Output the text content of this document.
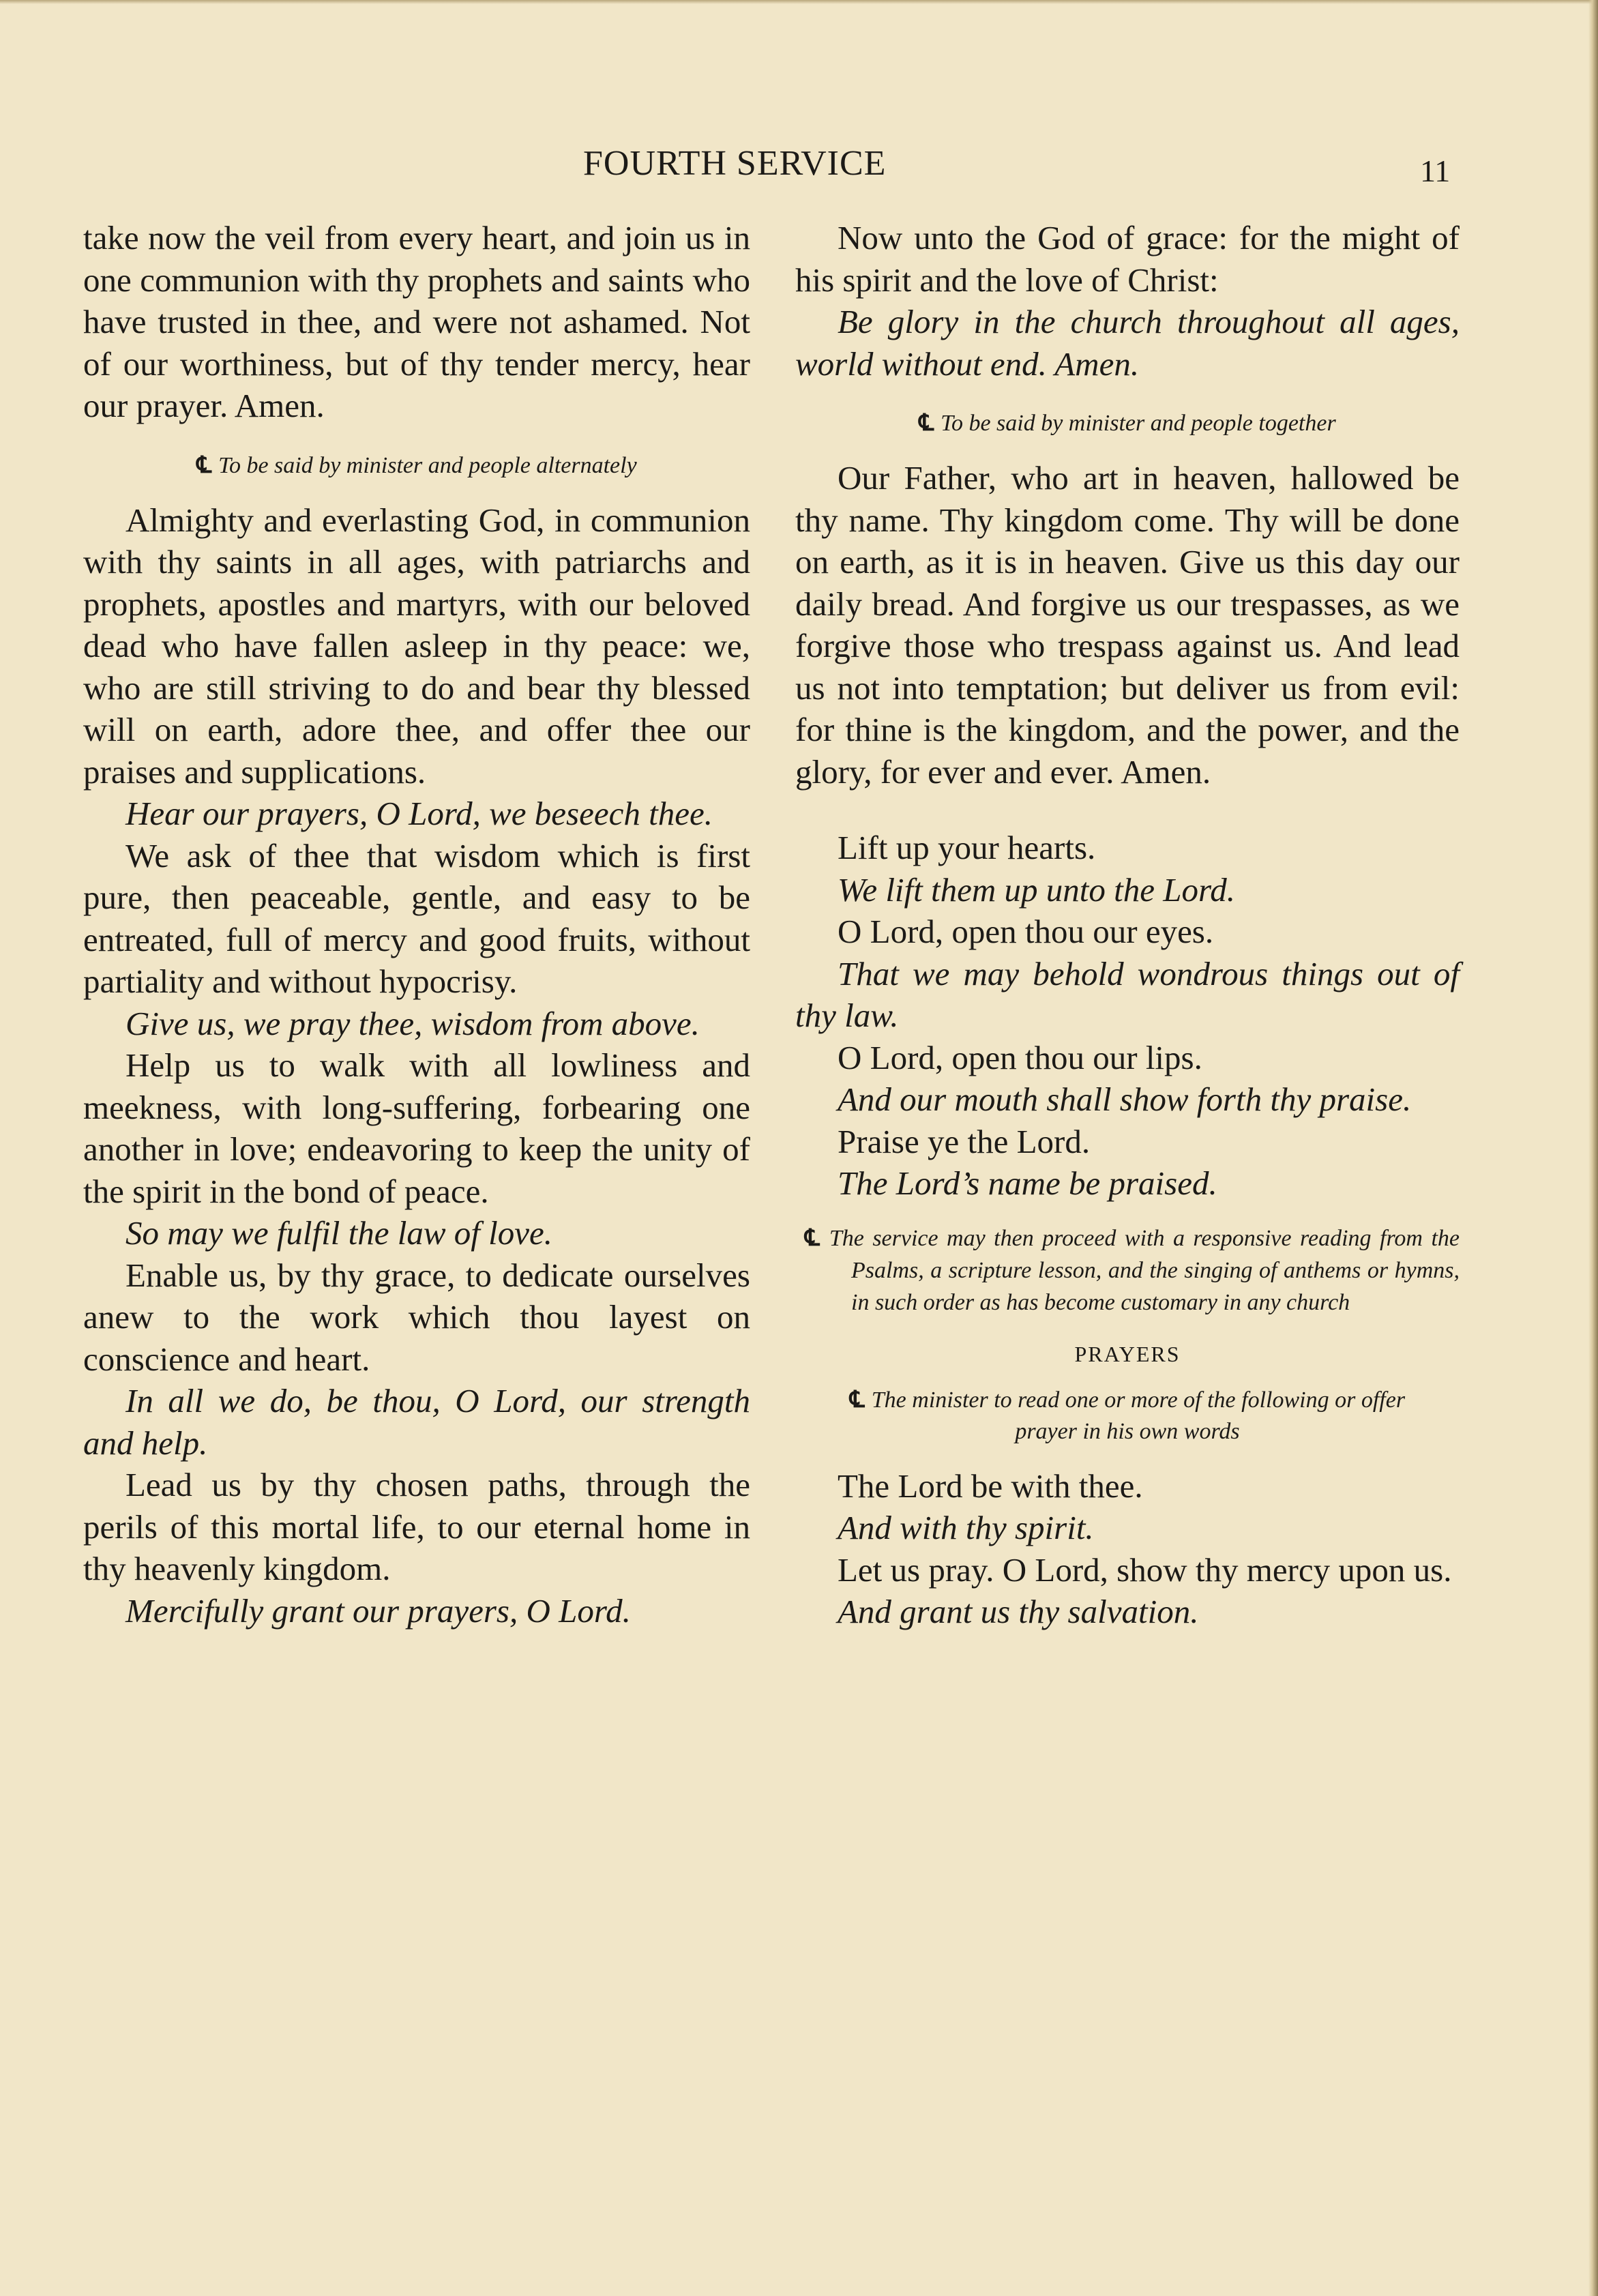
FOURTH SERVICE	11

take now the veil from every heart, and join us in one communion with thy prophets and saints who have trusted in thee, and were not ashamed. Not of our worthiness, but of thy tender mercy, hear our prayer. Amen.

℄ To be said by minister and people alternately

Almighty and everlasting God, in communion with thy saints in all ages, with patriarchs and prophets, apostles and martyrs, with our beloved dead who have fallen asleep in thy peace: we, who are still striving to do and bear thy blessed will on earth, adore thee, and offer thee our praises and supplications.

Hear our prayers, O Lord, we beseech thee.

We ask of thee that wisdom which is first pure, then peaceable, gentle, and easy to be entreated, full of mercy and good fruits, without partiality and without hypocrisy.

Give us, we pray thee, wisdom from above.

Help us to walk with all lowliness and meekness, with long-suffering, forbearing one another in love; endeavoring to keep the unity of the spirit in the bond of peace.

So may we fulfil the law of love.

Enable us, by thy grace, to dedicate ourselves anew to the work which thou layest on conscience and heart.

In all we do, be thou, O Lord, our strength and help.

Lead us by thy chosen paths, through the perils of this mortal life, to our eternal home in thy heavenly kingdom.

Mercifully grant our prayers, O Lord.

Now unto the God of grace: for the might of his spirit and the love of Christ:

Be glory in the church throughout all ages, world without end. Amen.

℄ To be said by minister and people together

Our Father, who art in heaven, hallowed be thy name. Thy kingdom come. Thy will be done on earth, as it is in heaven. Give us this day our daily bread. And forgive us our trespasses, as we forgive those who trespass against us. And lead us not into temptation; but deliver us from evil: for thine is the kingdom, and the power, and the glory, for ever and ever. Amen.

Lift up your hearts.

We lift them up unto the Lord.

O Lord, open thou our eyes.

That we may behold wondrous things out of thy law.

O Lord, open thou our lips.

And our mouth shall show forth thy praise.

Praise ye the Lord.

The Lord’s name be praised.

℄ The service may then proceed with a responsive reading from the Psalms, a scripture lesson, and the singing of anthems or hymns, in such order as has become customary in any church

PRAYERS

℄ The minister to read one or more of the following or offer prayer in his own words

The Lord be with thee.

And with thy spirit.

Let us pray. O Lord, show thy mercy upon us.

And grant us thy salvation.
